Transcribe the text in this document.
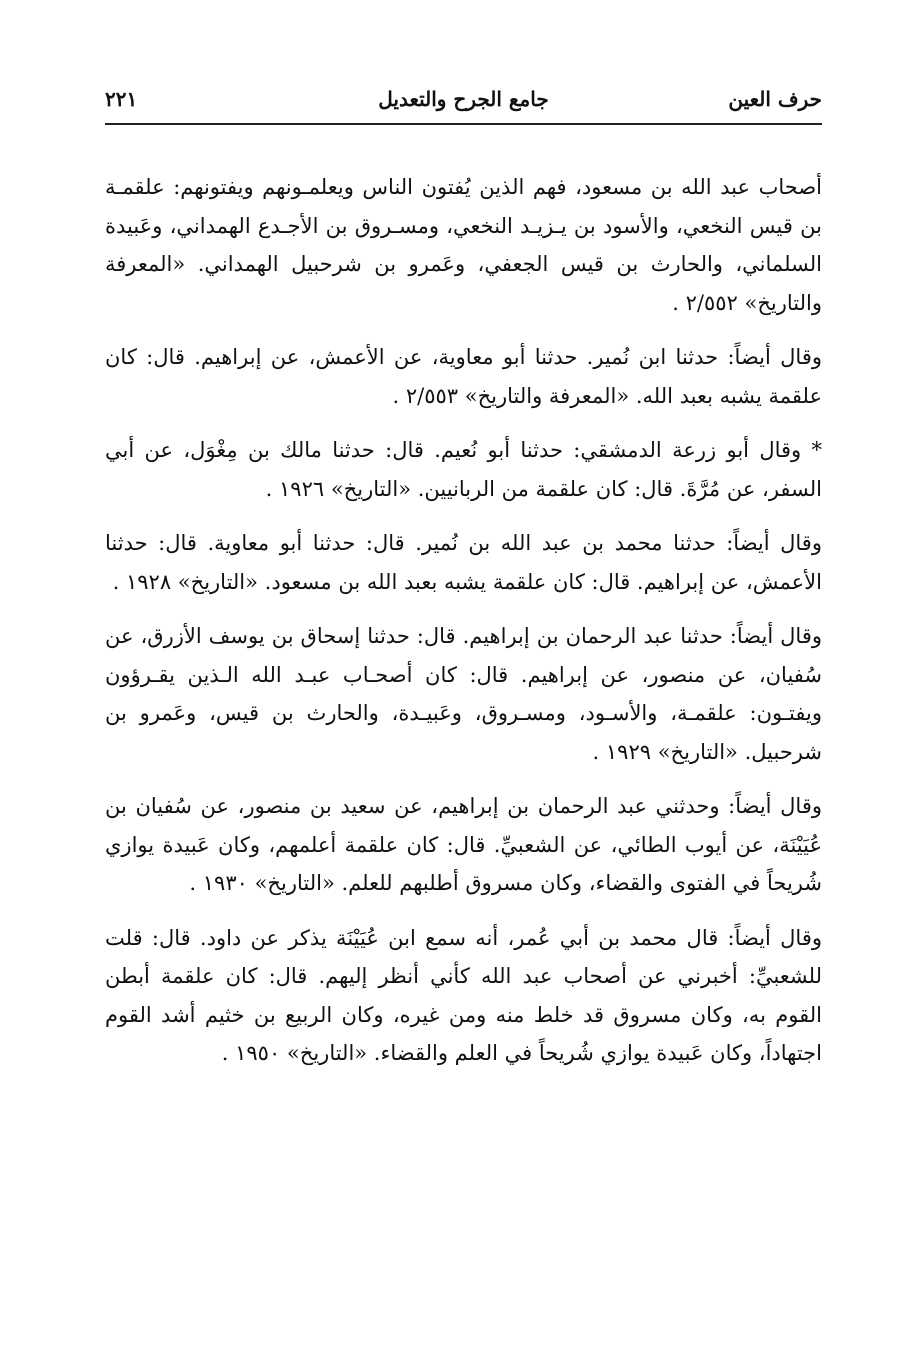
حرف العين
جامع الجرح والتعديل
٢٢١

أصحاب عبد الله بن مسعود، فهم الذين يُفتون الناس ويعلمـونهم ويفتونهم: علقمـة بن قيس النخعي، والأسود بن يـزيـد النخعي، ومسـروق بن الأجـدع الهمداني، وعَبيدة السلماني، والحارث بن قيس الجعفي، وعَمرو بن شرحبيل الهمداني. «المعرفة والتاريخ» ٢/٥٥٢ .

وقال أيضاً: حدثنا ابن نُمير. حدثنا أبو معاوية، عن الأعمش، عن إبراهيم. قال: كان علقمة يشبه بعبد الله. «المعرفة والتاريخ» ٢/٥٥٣ .

* وقال أبو زرعة الدمشقي: حدثنا أبو نُعيم. قال: حدثنا مالك بن مِغْوَل، عن أبي السفر، عن مُرَّةَ. قال: كان علقمة من الربانيين. «التاريخ» ١٩٢٦ .

وقال أيضاً: حدثنا محمد بن عبد الله بن نُمير. قال: حدثنا أبو معاوية. قال: حدثنا الأعمش، عن إبراهيم. قال: كان علقمة يشبه بعبد الله بن مسعود. «التاريخ» ١٩٢٨ .

وقال أيضاً: حدثنا عبد الرحمان بن إبراهيم. قال: حدثنا إسحاق بن يوسف الأزرق، عن سُفيان، عن منصور، عن إبراهيم. قال: كان أصحـاب عبـد الله الـذين يقـرؤون ويفتـون: علقمـة، والأسـود، ومسـروق، وعَبيـدة، والحارث بن قيس، وعَمرو بن شرحبيل. «التاريخ» ١٩٢٩ .

وقال أيضاً: وحدثني عبد الرحمان بن إبراهيم، عن سعيد بن منصور، عن سُفيان بن عُيَيْنَة، عن أيوب الطائي، عن الشعبيِّ. قال: كان علقمة أعلمهم، وكان عَبيدة يوازي شُريحاً في الفتوى والقضاء، وكان مسروق أطلبهم للعلم. «التاريخ» ١٩٣٠ .

وقال أيضاً: قال محمد بن أبي عُمر، أنه سمع ابن عُيَيْنَة يذكر عن داود. قال: قلت للشعبيِّ: أخبرني عن أصحاب عبد الله كأني أنظر إليهم. قال: كان علقمة أبطن القوم به، وكان مسروق قد خلط منه ومن غيره، وكان الربيع بن خثيم أشد القوم اجتهاداً، وكان عَبيدة يوازي شُريحاً في العلم والقضاء. «التاريخ» ١٩٥٠ .
